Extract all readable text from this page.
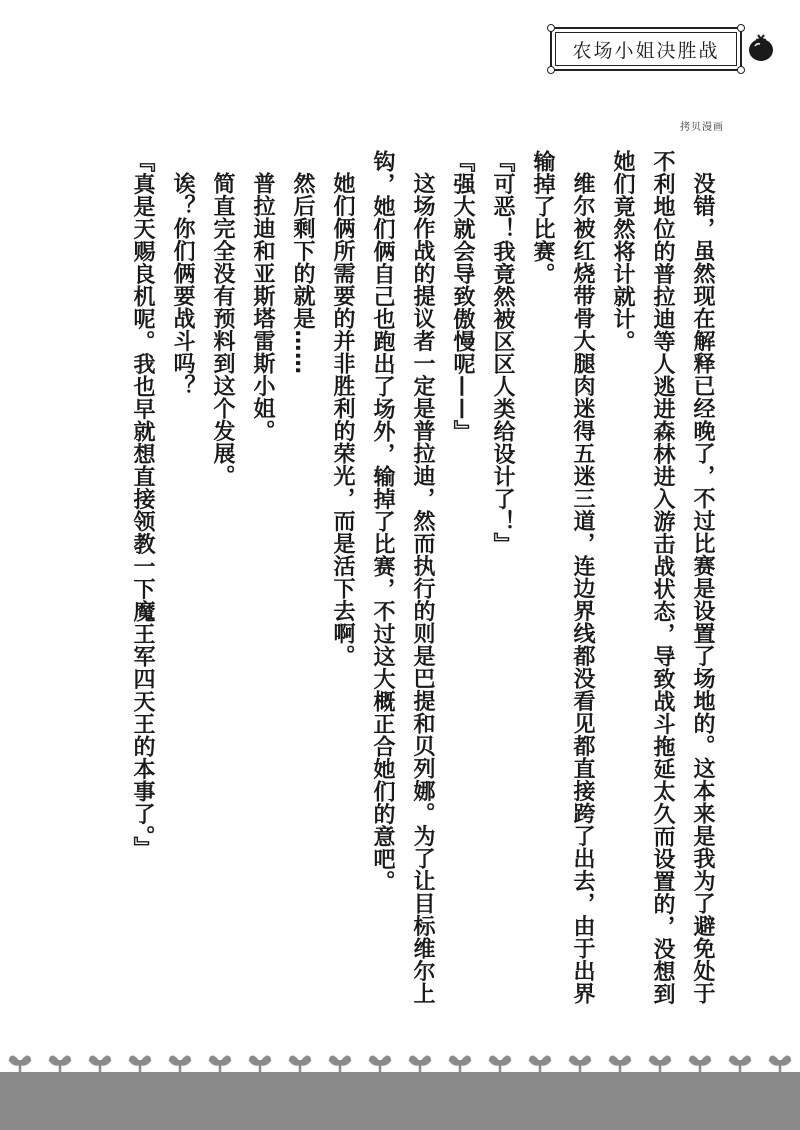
农场小姐决胜战
拷贝漫画

没错，虽然现在解释已经晚了，不过比赛是设置了场地的。这本来是我为了避免处于不利地位的普拉迪等人逃进森林进入游击战状态，导致战斗拖延太久而设置的，没想到她们竟然将计就计。

维尔被红烧带骨大腿肉迷得五迷三道，连边界线都没看见都直接跨了出去，由于出界输掉了比赛。

『可恶！我竟然被区区人类给设计了！』

『强大就会导致傲慢呢——』

这场作战的提议者一定是普拉迪，然而执行的则是巴提和贝列娜。为了让目标维尔上钩，她们俩自己也跑出了场外，输掉了比赛，不过这大概正合她们的意吧。

她们俩所需要的并非胜利的荣光，而是活下去啊。

然后剩下的就是……

普拉迪和亚斯塔雷斯小姐。

简直完全没有预料到这个发展。

诶？你们俩要战斗吗？

『真是天赐良机呢。我也早就想直接领教一下魔王军四天王的本事了。』
